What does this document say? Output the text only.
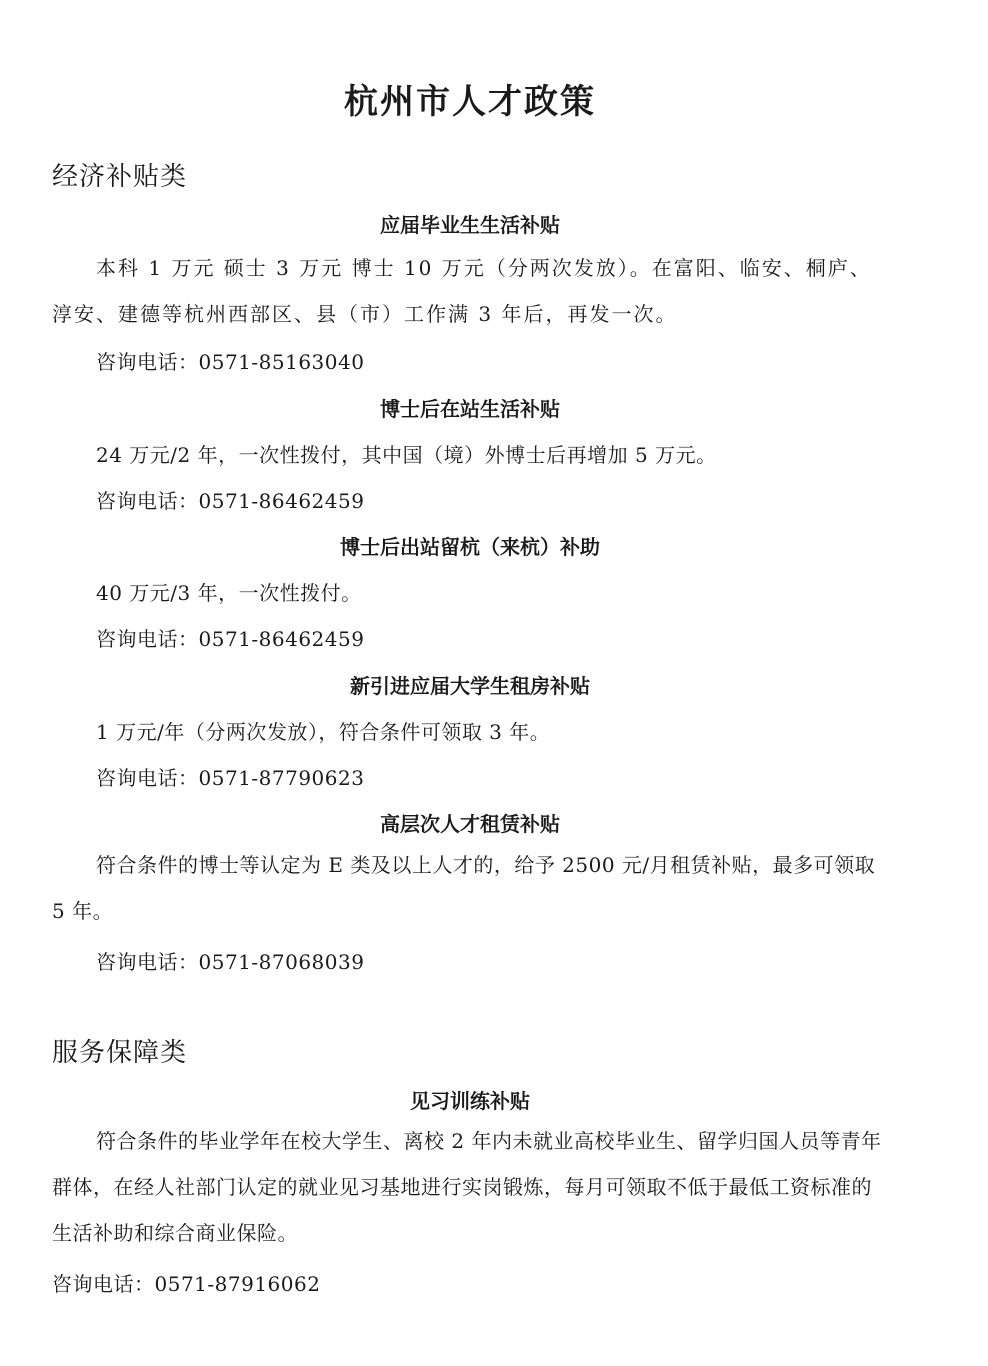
杭州市人才政策
经济补贴类
应届毕业生生活补贴

本科 1 万元 硕士 3 万元 博士 10 万元（分两次发放）。在富阳、临安、桐庐、淳安、建德等杭州西部区、县（市）工作满 3 年后，再发一次。

咨询电话：0571-85163040

博士后在站生活补贴

24 万元/2 年，一次性拨付，其中国（境）外博士后再增加 5 万元。

咨询电话：0571-86462459

博士后出站留杭（来杭）补助

40 万元/3 年，一次性拨付。

咨询电话：0571-86462459

新引进应届大学生租房补贴

1 万元/年（分两次发放），符合条件可领取 3 年。

咨询电话：0571-87790623

高层次人才租赁补贴

符合条件的博士等认定为 E 类及以上人才的，给予 2500 元/月租赁补贴，最多可领取 5 年。

咨询电话：0571-87068039

服务保障类
见习训练补贴

符合条件的毕业学年在校大学生、离校 2 年内未就业高校毕业生、留学归国人员等青年群体，在经人社部门认定的就业见习基地进行实岗锻炼，每月可领取不低于最低工资标准的生活补助和综合商业保险。

咨询电话：0571-87916062
